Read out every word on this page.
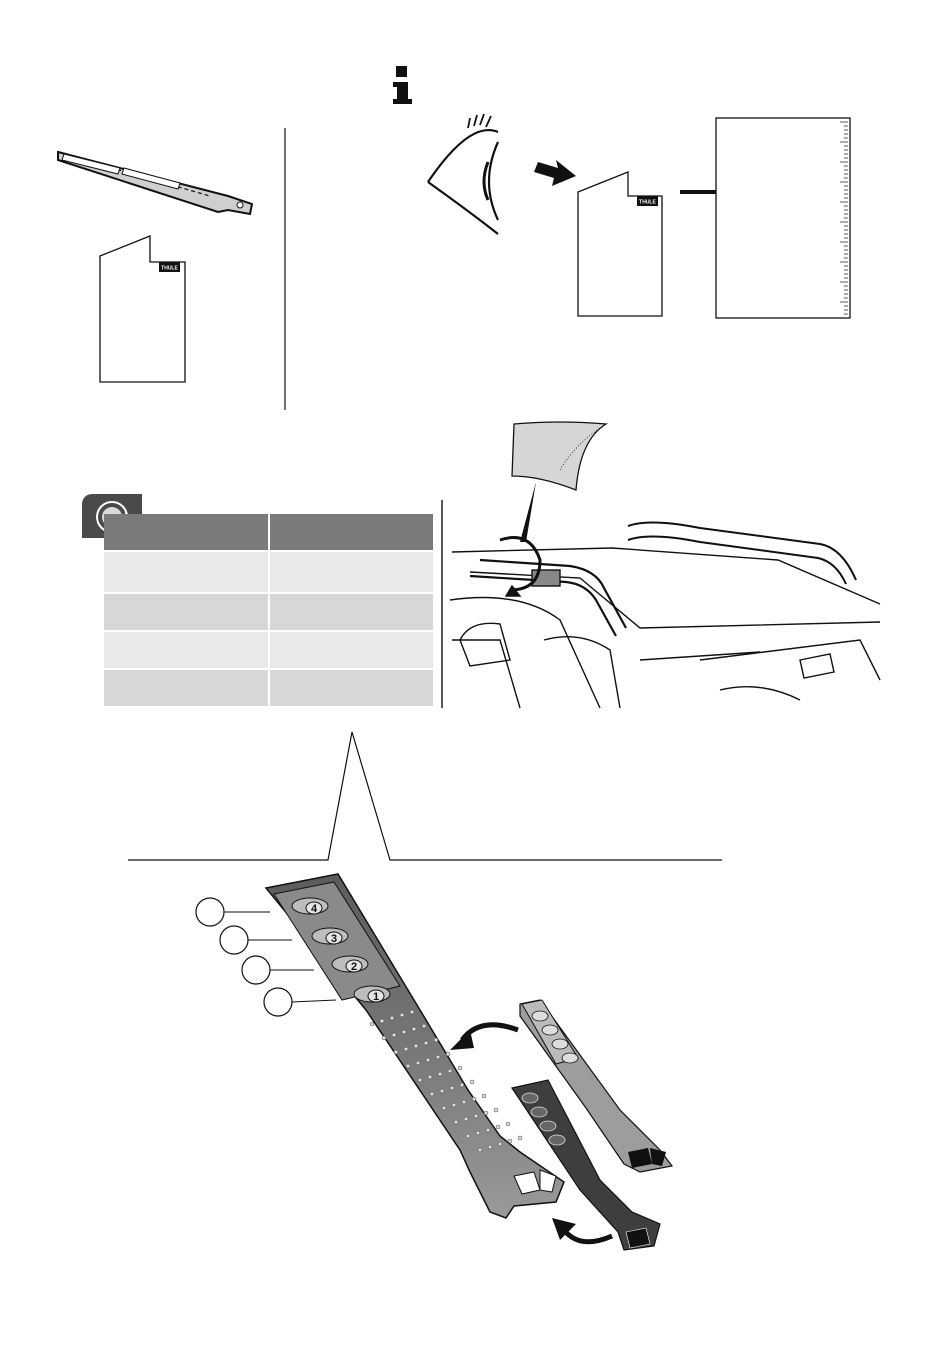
THULE
THULE
4
3
2
1
